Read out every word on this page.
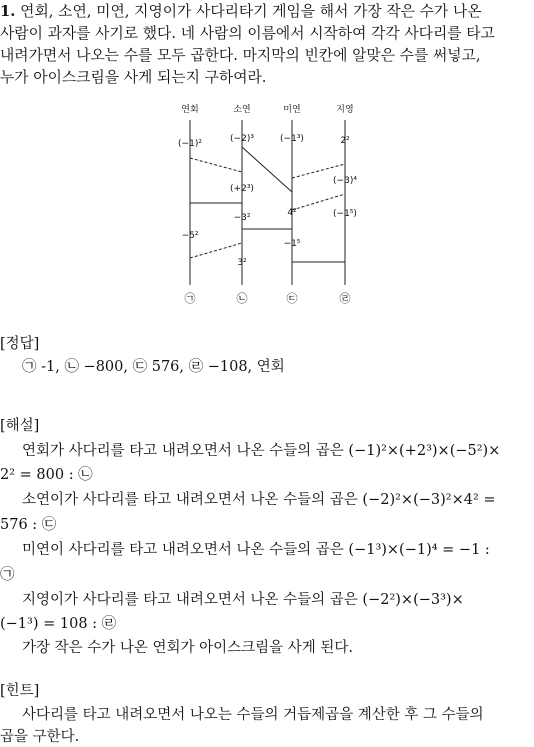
1. 연회, 소연, 미연, 지영이가 사다리타기 게임을 해서 가장 작은 수가 나온
사람이 과자를 사기로 했다. 네 사람의 이름에서 시작하여 각각 사다리를 타고
내려가면서 나오는 수를 모두 곱한다. 마지막의 빈칸에 알맞은 수를 써넣고,
누가 아이스크림을 사게 되는지 구하여라.
연회	소연	미연	지영
(−1)²	(−2)³	(−1³)	2²
(+2³)
(−3)⁴
−3²	4²	(−1⁵)
−5²
−1⁵
3²
㉠	㉡	㉢	㉣
[정답]
㉠ -1, ㉡ −800, ㉢ 576, ㉣ −108, 연회
[해설]
연회가 사다리를 타고 내려오면서 나온 수들의 곱은 (−1)²×(+2³)×(−5²)×
2² = 800 : ㉡
소연이가 사다리를 타고 내려오면서 나온 수들의 곱은 (−2)²×(−3)²×4² =
576 : ㉢
미연이 사다리를 타고 내려오면서 나온 수들의 곱은 (−1³)×(−1)⁴ = −1 :
㉠
지영이가 사다리를 타고 내려오면서 나온 수들의 곱은 (−2²)×(−3³)×
(−1³) = 108 : ㉣
가장 작은 수가 나온 연회가 아이스크림을 사게 된다.
[힌트]
사다리를 타고 내려오면서 나오는 수들의 거듭제곱을 계산한 후 그 수들의
곱을 구한다.
